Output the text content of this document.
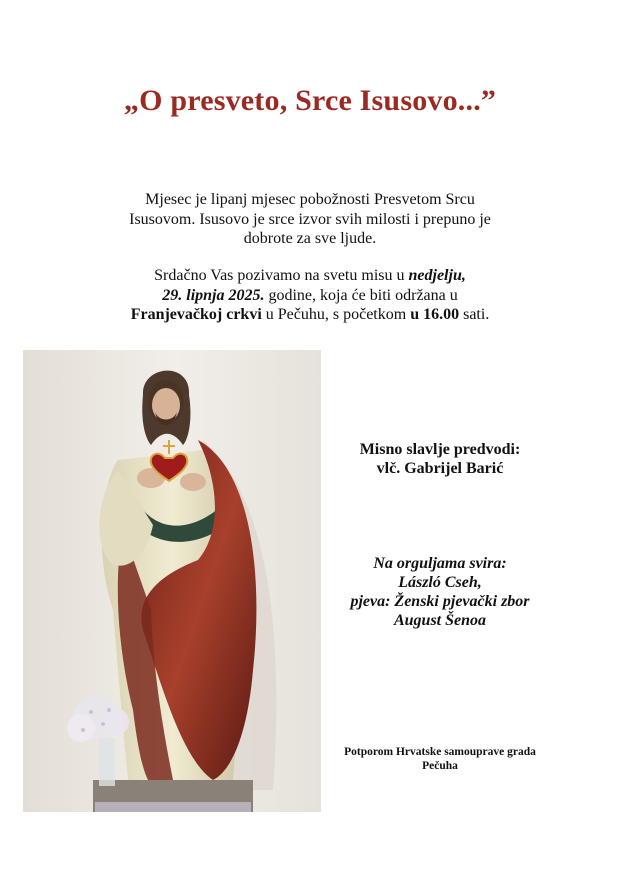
„O presveto, Srce Isusovo...”
Mjesec je lipanj mjesec pobožnosti Presvetom Srcu
Isusovom. Isusovo je srce izvor svih milosti i prepuno je
dobrote za sve ljude.
Srdačno Vas pozivamo na svetu misu u nedjelju,
29. lipnja 2025. godine, koja će biti održana u
Franjevačkoj crkvi u Pečuhu, s početkom u 16.00 sati.
Misno slavlje predvodi:
vlč. Gabrijel Barić
Na orguljama svira:
László Cseh,
pjeva: Ženski pjevački zbor
August Šenoa
Potporom Hrvatske samouprave grada
Pečuha
